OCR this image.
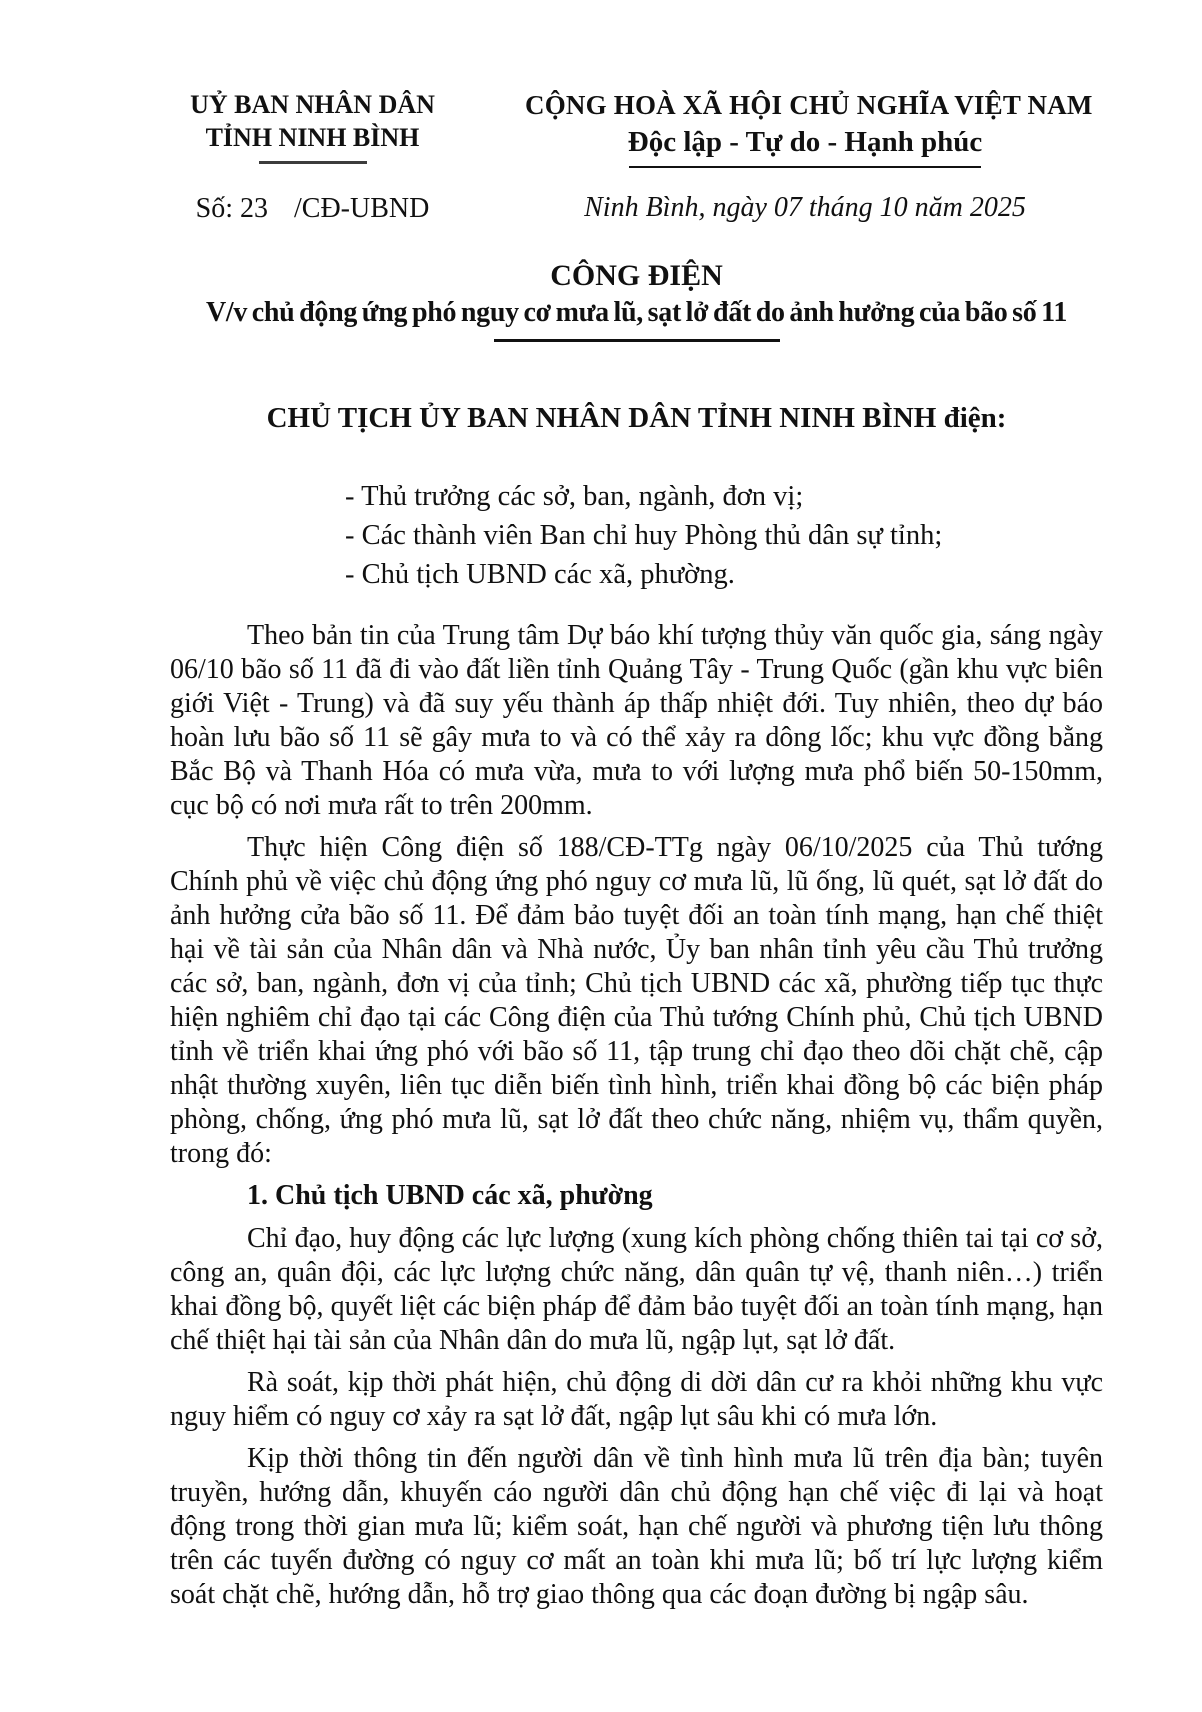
UỶ BAN NHÂN DÂN
TỈNH NINH BÌNH
Số: 23 /CĐ-UBND
CỘNG HOÀ XÃ HỘI CHỦ NGHĨA VIỆT NAM
Độc lập - Tự do - Hạnh phúc
Ninh Bình, ngày 07 tháng 10 năm 2025
CÔNG ĐIỆN
V/v chủ động ứng phó nguy cơ mưa lũ, sạt lở đất do ảnh hưởng của bão số 11
CHỦ TỊCH ỦY BAN NHÂN DÂN TỈNH NINH BÌNH điện:
- Thủ trưởng các sở, ban, ngành, đơn vị;
- Các thành viên Ban chỉ huy Phòng thủ dân sự tỉnh;
- Chủ tịch UBND các xã, phường.

Theo bản tin của Trung tâm Dự báo khí tượng thủy văn quốc gia, sáng ngày 06/10 bão số 11 đã đi vào đất liền tỉnh Quảng Tây - Trung Quốc (gần khu vực biên giới Việt - Trung) và đã suy yếu thành áp thấp nhiệt đới. Tuy nhiên, theo dự báo hoàn lưu bão số 11 sẽ gây mưa to và có thể xảy ra dông lốc; khu vực đồng bằng Bắc Bộ và Thanh Hóa có mưa vừa, mưa to với lượng mưa phổ biến 50-150mm, cục bộ có nơi mưa rất to trên 200mm.

Thực hiện Công điện số 188/CĐ-TTg ngày 06/10/2025 của Thủ tướng Chính phủ về việc chủ động ứng phó nguy cơ mưa lũ, lũ ống, lũ quét, sạt lở đất do ảnh hưởng cửa bão số 11. Để đảm bảo tuyệt đối an toàn tính mạng, hạn chế thiệt hại về tài sản của Nhân dân và Nhà nước, Ủy ban nhân tỉnh yêu cầu Thủ trưởng các sở, ban, ngành, đơn vị của tỉnh; Chủ tịch UBND các xã, phường tiếp tục thực hiện nghiêm chỉ đạo tại các Công điện của Thủ tướng Chính phủ, Chủ tịch UBND tỉnh về triển khai ứng phó với bão số 11, tập trung chỉ đạo theo dõi chặt chẽ, cập nhật thường xuyên, liên tục diễn biến tình hình, triển khai đồng bộ các biện pháp phòng, chống, ứng phó mưa lũ, sạt lở đất theo chức năng, nhiệm vụ, thẩm quyền, trong đó:

1. Chủ tịch UBND các xã, phường

Chỉ đạo, huy động các lực lượng (xung kích phòng chống thiên tai tại cơ sở, công an, quân đội, các lực lượng chức năng, dân quân tự vệ, thanh niên…) triển khai đồng bộ, quyết liệt các biện pháp để đảm bảo tuyệt đối an toàn tính mạng, hạn chế thiệt hại tài sản của Nhân dân do mưa lũ, ngập lụt, sạt lở đất.

Rà soát, kịp thời phát hiện, chủ động di dời dân cư ra khỏi những khu vực nguy hiểm có nguy cơ xảy ra sạt lở đất, ngập lụt sâu khi có mưa lớn.

Kịp thời thông tin đến người dân về tình hình mưa lũ trên địa bàn; tuyên truyền, hướng dẫn, khuyến cáo người dân chủ động hạn chế việc đi lại và hoạt động trong thời gian mưa lũ; kiểm soát, hạn chế người và phương tiện lưu thông trên các tuyến đường có nguy cơ mất an toàn khi mưa lũ; bố trí lực lượng kiểm soát chặt chẽ, hướng dẫn, hỗ trợ giao thông qua các đoạn đường bị ngập sâu.
